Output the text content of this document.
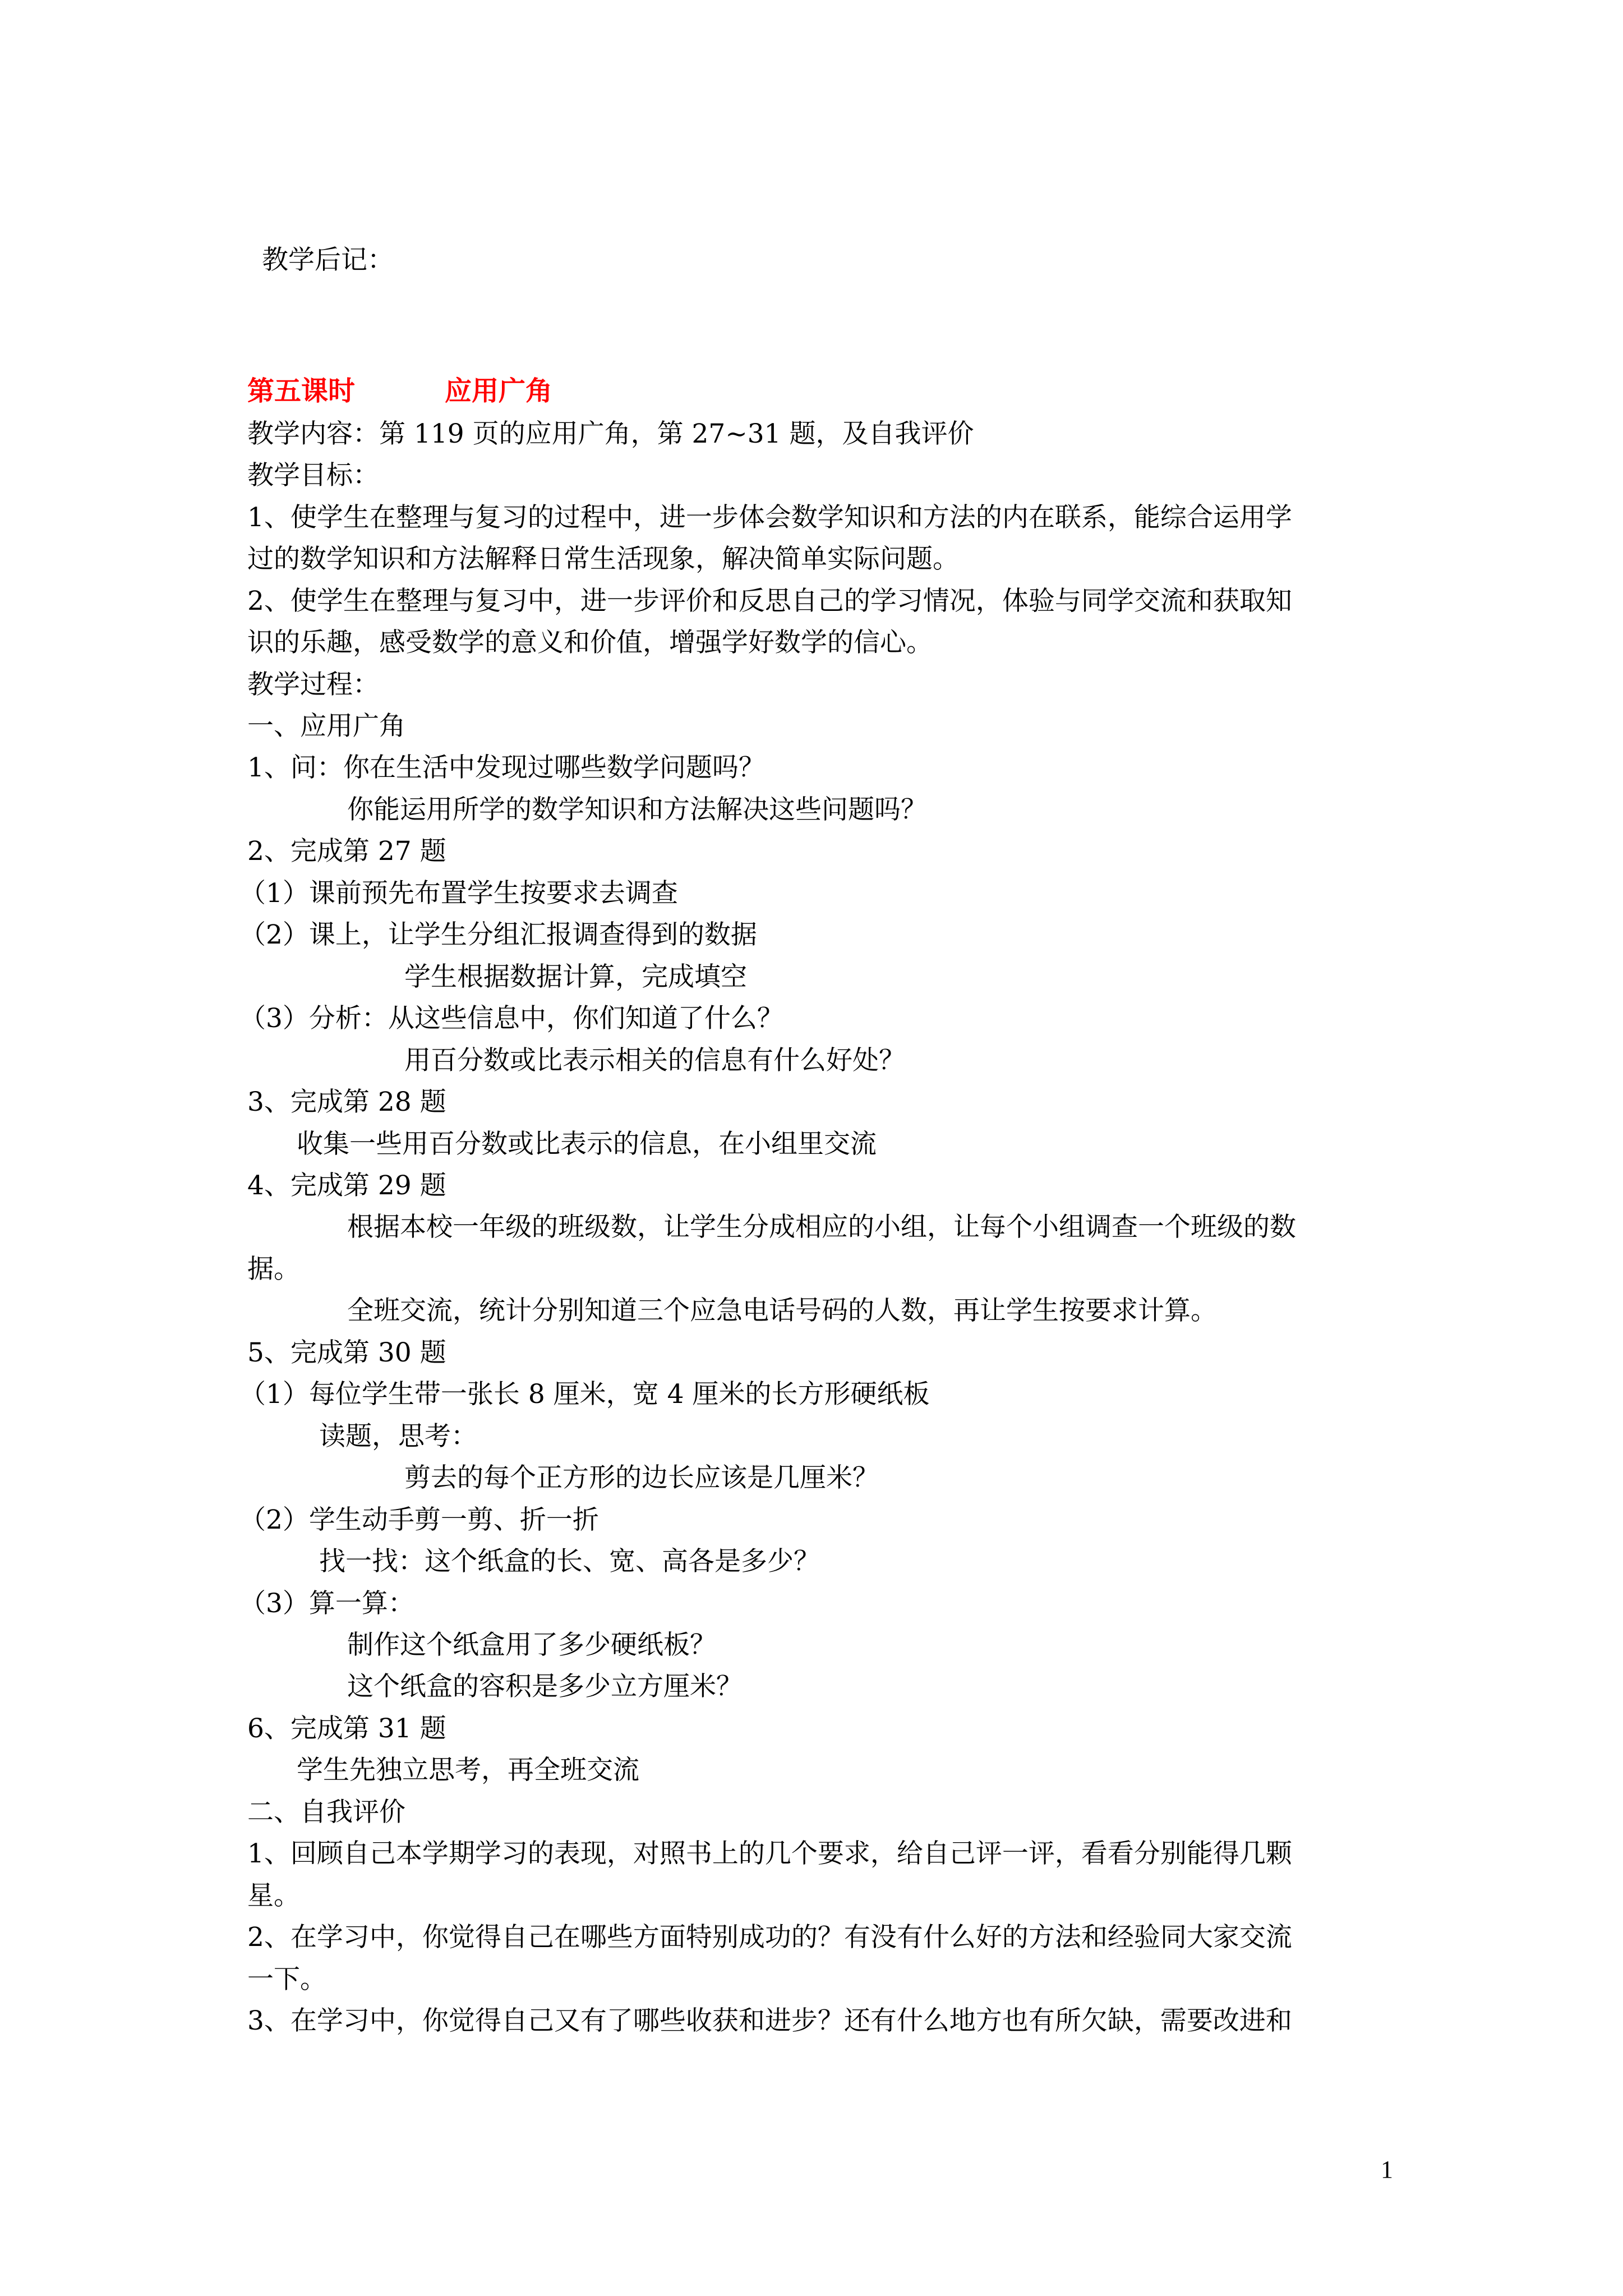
教学后记：
第五课时	应用广角
教学内容：第 119 页的应用广角，第 27~31 题，及自我评价
教学目标：
1、使学生在整理与复习的过程中，进一步体会数学知识和方法的内在联系，能综合运用学
过的数学知识和方法解释日常生活现象，解决简单实际问题。
2、使学生在整理与复习中，进一步评价和反思自己的学习情况，体验与同学交流和获取知
识的乐趣，感受数学的意义和价值，增强学好数学的信心。
教学过程：
一、应用广角
1、问：你在生活中发现过哪些数学问题吗？
你能运用所学的数学知识和方法解决这些问题吗？
2、完成第 27 题
（1）课前预先布置学生按要求去调查
（2）课上，让学生分组汇报调查得到的数据
学生根据数据计算，完成填空
（3）分析：从这些信息中，你们知道了什么？
用百分数或比表示相关的信息有什么好处？
3、完成第 28 题
收集一些用百分数或比表示的信息，在小组里交流
4、完成第 29 题
根据本校一年级的班级数，让学生分成相应的小组，让每个小组调查一个班级的数
据。
全班交流，统计分别知道三个应急电话号码的人数，再让学生按要求计算。
5、完成第 30 题
（1）每位学生带一张长 8 厘米，宽 4 厘米的长方形硬纸板
读题，思考：
剪去的每个正方形的边长应该是几厘米？
（2）学生动手剪一剪、折一折
找一找：这个纸盒的长、宽、高各是多少？
（3）算一算：
制作这个纸盒用了多少硬纸板？
这个纸盒的容积是多少立方厘米？
6、完成第 31 题
学生先独立思考，再全班交流
二、自我评价
1、回顾自己本学期学习的表现，对照书上的几个要求，给自己评一评，看看分别能得几颗
星。
2、在学习中，你觉得自己在哪些方面特别成功的？有没有什么好的方法和经验同大家交流
一下。
3、在学习中，你觉得自己又有了哪些收获和进步？还有什么地方也有所欠缺，需要改进和
1
